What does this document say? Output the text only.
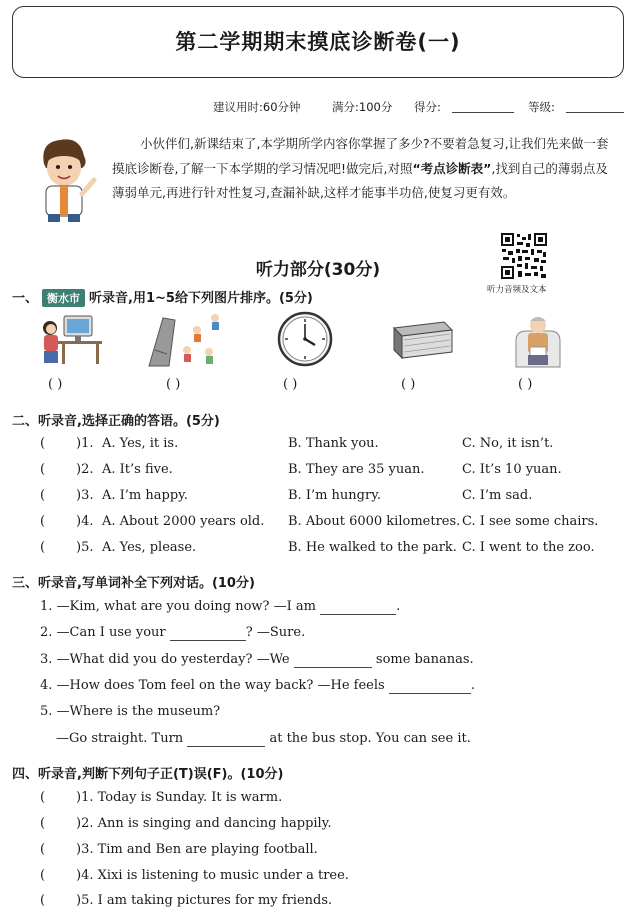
第二学期期末摸底诊断卷(一)
建议用时:60分钟	满分:100分 得分:	等级:
小伙伴们,新课结束了,本学期所学内容你掌握了多少?不要着急复习,让我们先来做一套摸底诊断卷,了解一下本学期的学习情况吧!做完后,对照“考点诊断表”,找到自己的薄弱点及薄弱单元,再进行针对性复习,查漏补缺,这样才能事半功倍,使复习更有效。
听力部分(30分)
听力音频及文本
一、 衡水市 听录音,用1~5给下列图片排序。(5分)
( )	( )	( )	( )	( )
二、听录音,选择正确的答语。(5分)
( )1. A. Yes, it is.	B. Thank you.	C. No, it isn’t.
( )2. A. It’s five.	B. They are 35 yuan.	C. It’s 10 yuan.
( )3. A. I’m happy.	B. I’m hungry.	C. I’m sad.
( )4. A. About 2000 years old. B. About 6000 kilometres. C. I see some chairs.
( )5. A. Yes, please.	B. He walked to the park. C. I went to the zoo.
三、听录音,写单词补全下列对话。(10分)
1. —Kim, what are you doing now? —I am	.
2. —Can I use your	? —Sure.
3. —What did you do yesterday? —We	some bananas.
4. —How does Tom feel on the way back? —He feels	.
5. —Where is the museum?
—Go straight. Turn	at the bus stop. You can see it.
四、听录音,判断下列句子正(T)误(F)。(10分)
( )1. Today is Sunday. It is warm.
( )2. Ann is singing and dancing happily.
( )3. Tim and Ben are playing football.
( )4. Xixi is listening to music under a tree.
( )5. I am taking pictures for my friends.
